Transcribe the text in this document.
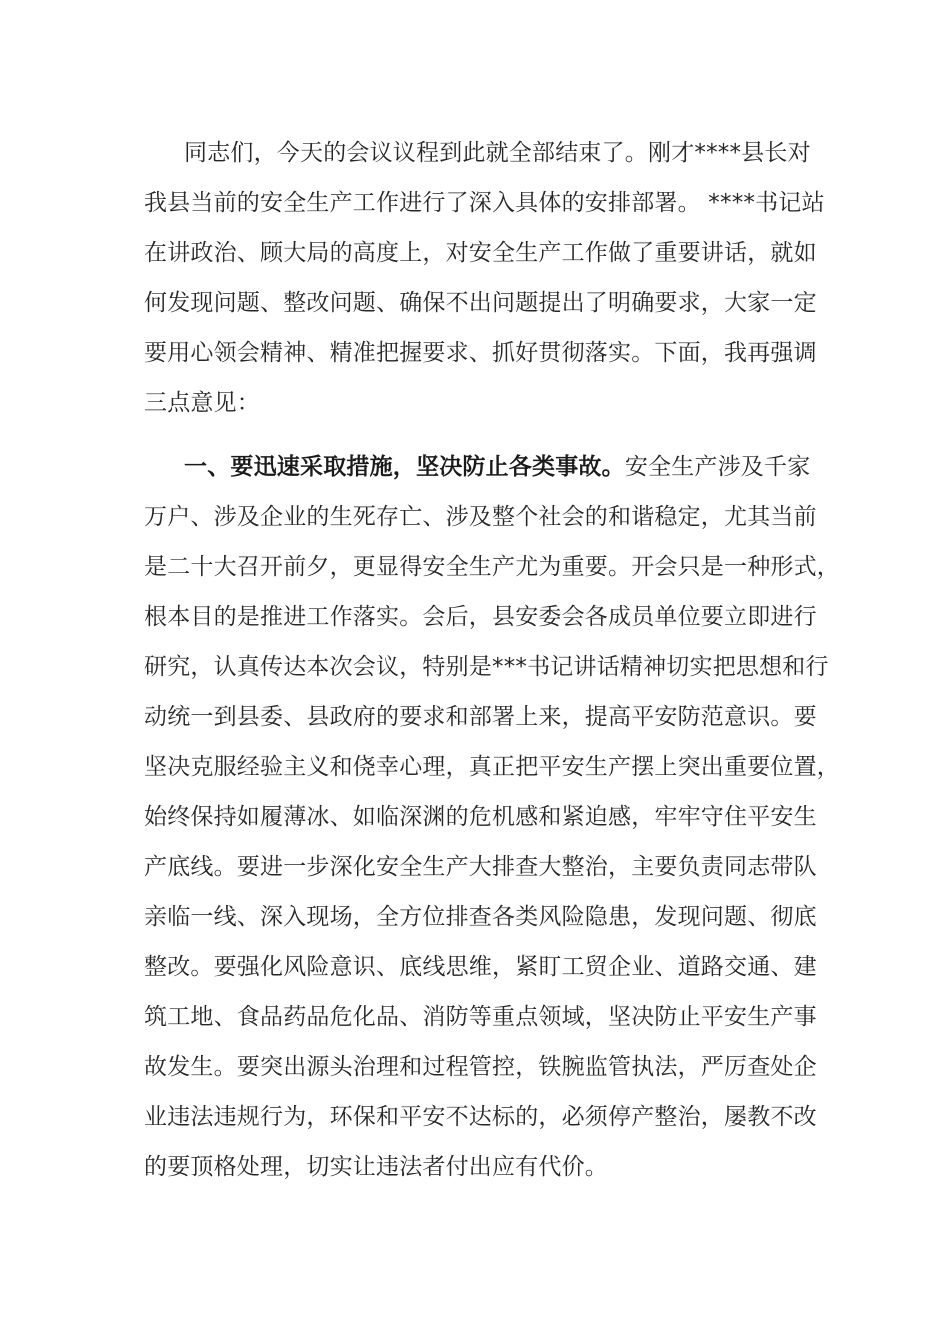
同志们，今天的会议议程到此就全部结束了。刚才****县长对
我县当前的安全生产工作进行了深入具体的安排部署。 ****书记站
在讲政治、顾大局的高度上，对安全生产工作做了重要讲话，就如
何发现问题、整改问题、确保不出问题提出了明确要求，大家一定
要用心领会精神、精准把握要求、抓好贯彻落实。下面，我再强调
三点意见：
一、要迅速采取措施，坚决防止各类事故。安全生产涉及千家
万户、涉及企业的生死存亡、涉及整个社会的和谐稳定，尤其当前
是二十大召开前夕，更显得安全生产尤为重要。开会只是一种形式，
根本目的是推进工作落实。会后，县安委会各成员单位要立即进行
研究，认真传达本次会议，特别是***书记讲话精神切实把思想和行
动统一到县委、县政府的要求和部署上来，提高平安防范意识。要
坚决克服经验主义和侥幸心理，真正把平安生产摆上突出重要位置，
始终保持如履薄冰、如临深渊的危机感和紧迫感，牢牢守住平安生
产底线。要进一步深化安全生产大排查大整治，主要负责同志带队
亲临一线、深入现场，全方位排查各类风险隐患，发现问题、彻底
整改。要强化风险意识、底线思维，紧盯工贸企业、道路交通、建
筑工地、食品药品危化品、消防等重点领域，坚决防止平安生产事
故发生。要突出源头治理和过程管控，铁腕监管执法，严厉查处企
业违法违规行为，环保和平安不达标的，必须停产整治，屡教不改
的要顶格处理，切实让违法者付出应有代价。
